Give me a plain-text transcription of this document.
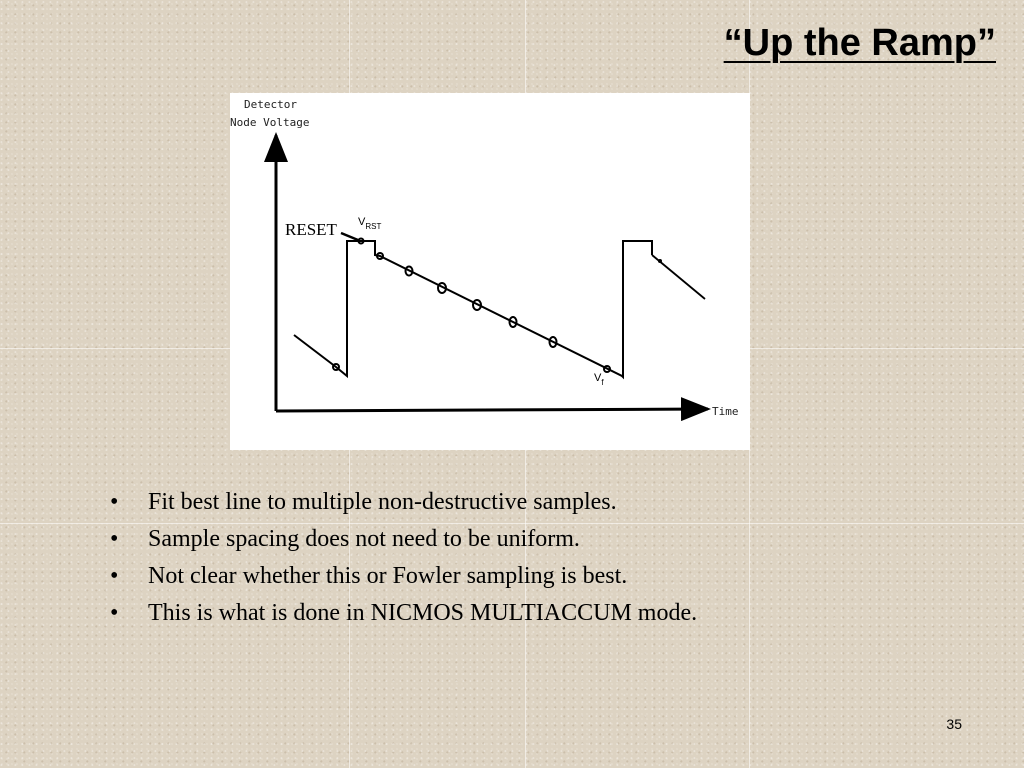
“Up the Ramp”
Detector
Node Voltage
Time
RESET $V_{RST}$
$V_f$
• Fit best line to multiple non-destructive samples.
• Sample spacing does not need to be uniform.
• Not clear whether this or Fowler sampling is best.
• This is what is done in NICMOS MULTIACCUM mode.
35
